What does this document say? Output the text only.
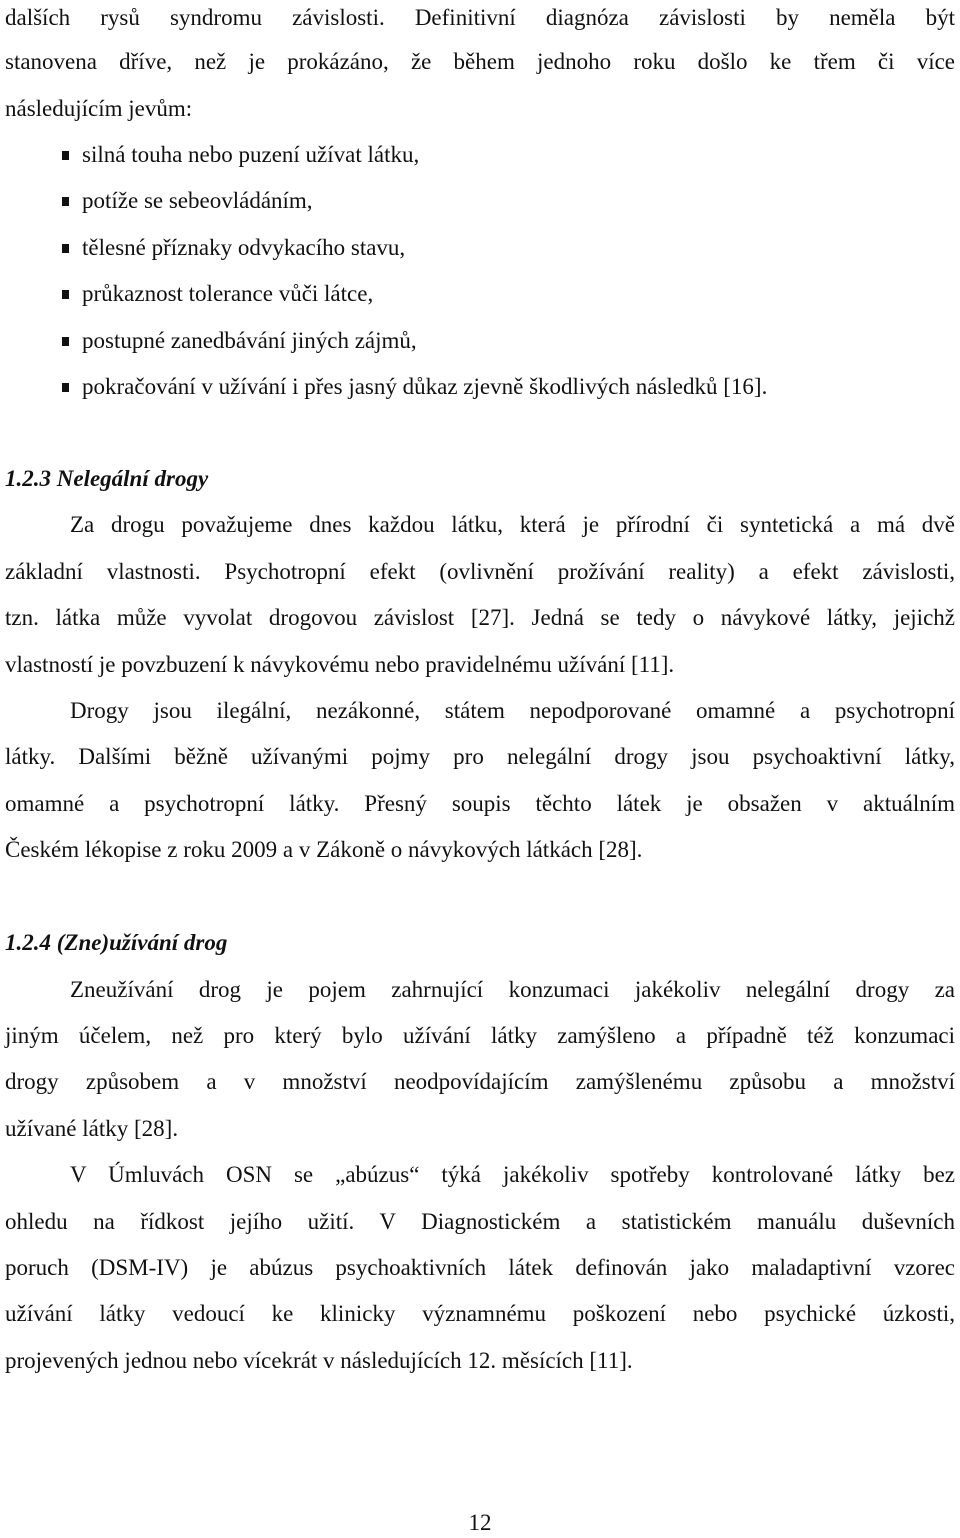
dalších rysů syndromu závislosti. Definitivní diagnóza závislosti by neměla být
stanovena dříve, než je prokázáno, že během jednoho roku došlo ke třem či více
následujícím jevům:
silná touha nebo puzení užívat látku,
potíže se sebeovládáním,
tělesné příznaky odvykacího stavu,
průkaznost tolerance vůči látce,
postupné zanedbávání jiných zájmů,
pokračování v užívání i přes jasný důkaz zjevně škodlivých následků [16].
1.2.3 Nelegální drogy
Za drogu považujeme dnes každou látku, která je přírodní či syntetická a má dvě
základní vlastnosti. Psychotropní efekt (ovlivnění prožívání reality) a efekt závislosti,
tzn. látka může vyvolat drogovou závislost [27]. Jedná se tedy o návykové látky, jejichž
vlastností je povzbuzení k návykovému nebo pravidelnému užívání [11].
Drogy jsou ilegální, nezákonné, státem nepodporované omamné a psychotropní
látky. Dalšími běžně užívanými pojmy pro nelegální drogy jsou psychoaktivní látky,
omamné a psychotropní látky. Přesný soupis těchto látek je obsažen v aktuálním
Českém lékopise z roku 2009 a v Zákoně o návykových látkách [28].
1.2.4 (Zne)užívání drog
Zneužívání drog je pojem zahrnující konzumaci jakékoliv nelegální drogy za
jiným účelem, než pro který bylo užívání látky zamýšleno a případně též konzumaci
drogy způsobem a v množství neodpovídajícím zamýšlenému způsobu a množství
užívané látky [28].
V Úmluvách OSN se „abúzus“ týká jakékoliv spotřeby kontrolované látky bez
ohledu na řídkost jejího užití. V Diagnostickém a statistickém manuálu duševních
poruch (DSM-IV) je abúzus psychoaktivních látek definován jako maladaptivní vzorec
užívání látky vedoucí ke klinicky významnému poškození nebo psychické úzkosti,
projevených jednou nebo vícekrát v následujících 12. měsících [11].
12
